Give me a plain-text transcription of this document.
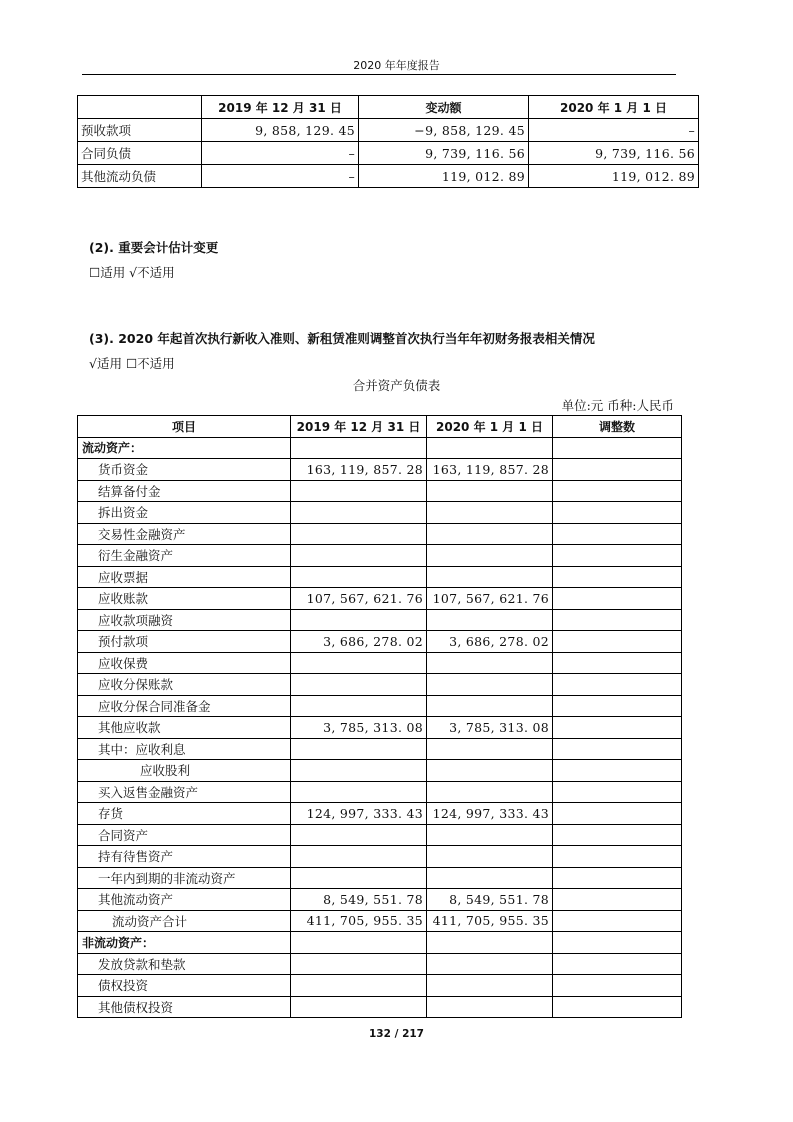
2020 年年度报告
	2019 年 12 月 31 日	变动额	2020 年 1 月 1 日
预收款项	9, 858, 129. 45	−9, 858, 129. 45	–
合同负债	–	9, 739, 116. 56	9, 739, 116. 56
其他流动负债	–	119, 012. 89	119, 012. 89
(2). 重要会计估计变更
☐适用 √不适用
(3). 2020 年起首次执行新收入准则、新租赁准则调整首次执行当年年初财务报表相关情况
√适用 ☐不适用
合并资产负债表
单位:元 币种:人民币
项目	2019 年 12 月 31 日	2020 年 1 月 1 日	调整数
流动资产：			
货币资金	163, 119, 857. 28	163, 119, 857. 28	
结算备付金			
拆出资金			
交易性金融资产			
衍生金融资产			
应收票据			
应收账款	107, 567, 621. 76	107, 567, 621. 76	
应收款项融资			
预付款项	3, 686, 278. 02	3, 686, 278. 02	
应收保费			
应收分保账款			
应收分保合同准备金			
其他应收款	3, 785, 313. 08	3, 785, 313. 08	
其中：应收利息			
应收股利			
买入返售金融资产			
存货	124, 997, 333. 43	124, 997, 333. 43	
合同资产			
持有待售资产			
一年内到期的非流动资产			
其他流动资产	8, 549, 551. 78	8, 549, 551. 78	
流动资产合计	411, 705, 955. 35	411, 705, 955. 35	
非流动资产：			
发放贷款和垫款			
债权投资			
其他债权投资			
132 / 217
